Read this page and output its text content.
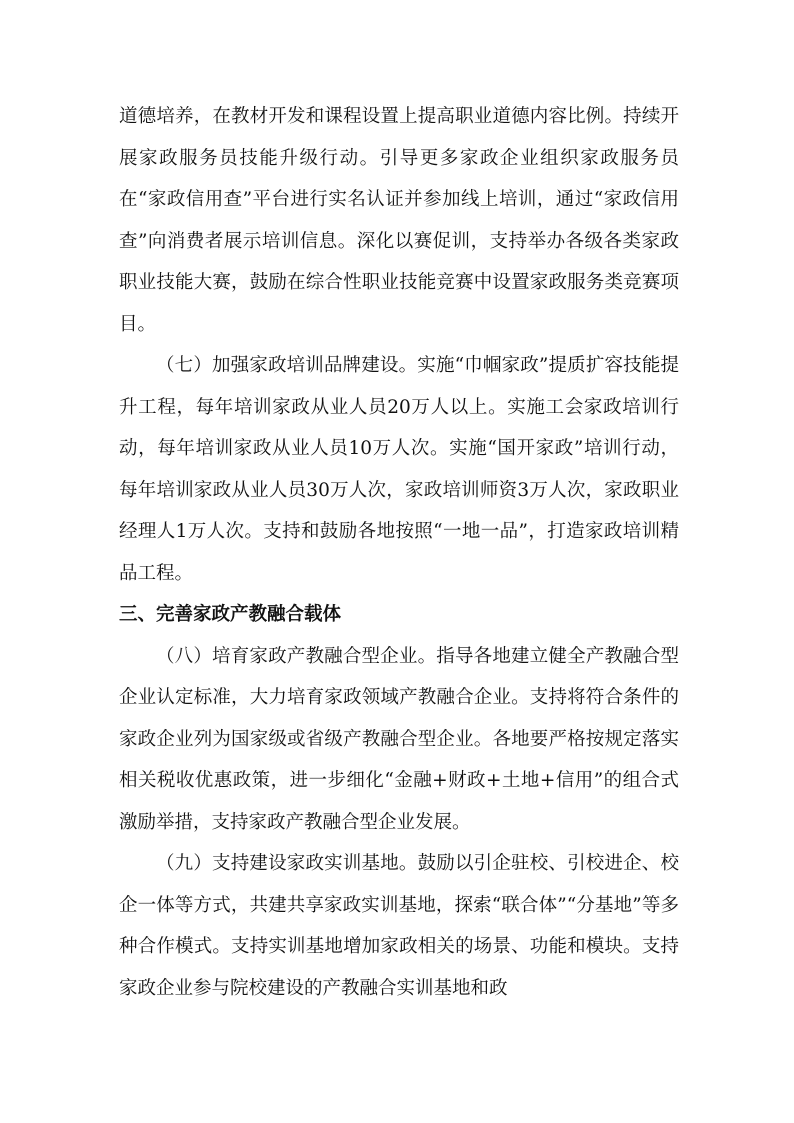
道德培养，在教材开发和课程设置上提高职业道德内容比例。持续开展家政服务员技能升级行动。引导更多家政企业组织家政服务员在“家政信用查”平台进行实名认证并参加线上培训，通过“家政信用查”向消费者展示培训信息。深化以赛促训，支持举办各级各类家政职业技能大赛，鼓励在综合性职业技能竞赛中设置家政服务类竞赛项目。

（七）加强家政培训品牌建设。实施“巾帼家政”提质扩容技能提升工程，每年培训家政从业人员20万人以上。实施工会家政培训行动，每年培训家政从业人员10万人次。实施“国开家政”培训行动，每年培训家政从业人员30万人次，家政培训师资3万人次，家政职业经理人1万人次。支持和鼓励各地按照“一地一品”，打造家政培训精品工程。

三、完善家政产教融合载体

（八）培育家政产教融合型企业。指导各地建立健全产教融合型企业认定标准，大力培育家政领域产教融合企业。支持将符合条件的家政企业列为国家级或省级产教融合型企业。各地要严格按规定落实相关税收优惠政策，进一步细化“金融+财政+土地+信用”的组合式激励举措，支持家政产教融合型企业发展。

（九）支持建设家政实训基地。鼓励以引企驻校、引校进企、校企一体等方式，共建共享家政实训基地，探索“联合体”“分基地”等多种合作模式。支持实训基地增加家政相关的场景、功能和模块。支持家政企业参与院校建设的产教融合实训基地和政
